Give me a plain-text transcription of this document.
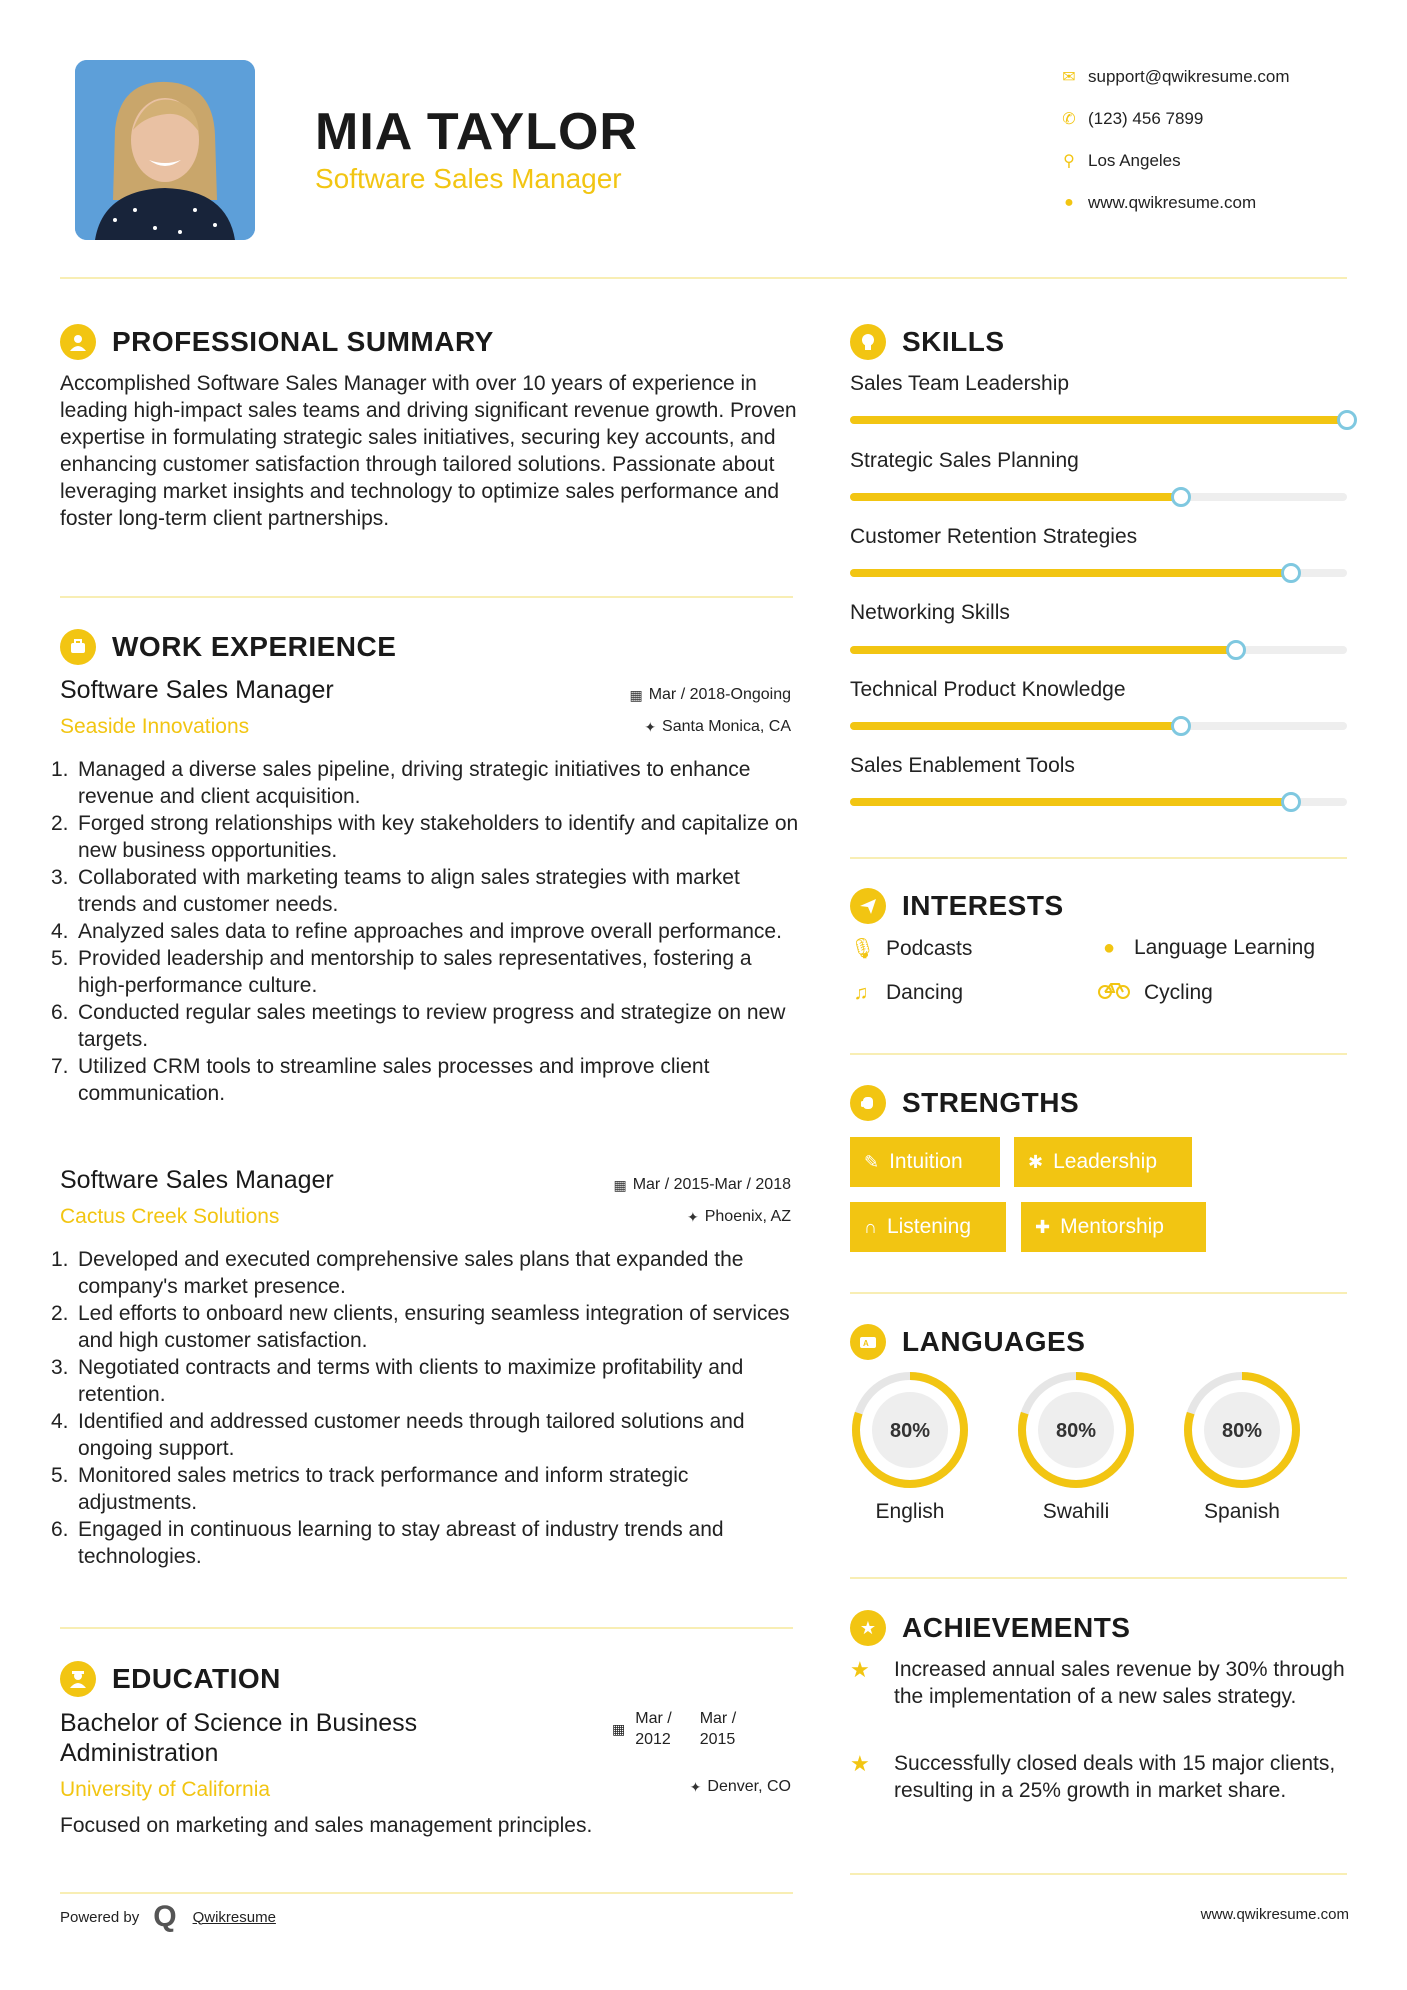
MIA TAYLOR
Software Sales Manager
✉ support@qwikresume.com
✆ (123) 456 7899
⚲ Los Angeles
● www.qwikresume.com
PROFESSIONAL SUMMARY
Accomplished Software Sales Manager with over 10 years of experience in leading high-impact sales teams and driving significant revenue growth. Proven expertise in formulating strategic sales initiatives, securing key accounts, and enhancing customer satisfaction through tailored solutions. Passionate about leveraging market insights and technology to optimize sales performance and foster long-term client partnerships.
WORK EXPERIENCE
Software Sales Manager
Seaside Innovations
▦ Mar / 2018-Ongoing
✦ Santa Monica, CA
1. Managed a diverse sales pipeline, driving strategic initiatives to enhance revenue and client acquisition.
2. Forged strong relationships with key stakeholders to identify and capitalize on new business opportunities.
3. Collaborated with marketing teams to align sales strategies with market trends and customer needs.
4. Analyzed sales data to refine approaches and improve overall performance.
5. Provided leadership and mentorship to sales representatives, fostering a high-performance culture.
6. Conducted regular sales meetings to review progress and strategize on new targets.
7. Utilized CRM tools to streamline sales processes and improve client communication.
Software Sales Manager
Cactus Creek Solutions
▦ Mar / 2015-Mar / 2018
✦ Phoenix, AZ
1. Developed and executed comprehensive sales plans that expanded the company's market presence.
2. Led efforts to onboard new clients, ensuring seamless integration of services and high customer satisfaction.
3. Negotiated contracts and terms with clients to maximize profitability and retention.
4. Identified and addressed customer needs through tailored solutions and ongoing support.
5. Monitored sales metrics to track performance and inform strategic adjustments.
6. Engaged in continuous learning to stay abreast of industry trends and technologies.
EDUCATION
Bachelor of Science in Business
Administration
University of California
▦
Mar /
2012
Mar /
2015
✦ Denver, CO
Focused on marketing and sales management principles.
SKILLS
Sales Team Leadership
Strategic Sales Planning
Customer Retention Strategies
Networking Skills
Technical Product Knowledge
Sales Enablement Tools
INTERESTS
🎙︎ Podcasts	● Language Learning
♫ Dancing	Cycling
STRENGTHS
✎ Intuition	✱ Leadership
∩ Listening	✚ Mentorship
A LANGUAGES
80%
English
80%
Swahili
80%
Spanish
★ ACHIEVEMENTS
★	Increased annual sales revenue by 30% through the implementation of a new sales strategy.
★	Successfully closed deals with 15 major clients, resulting in a 25% growth in market share.
Powered by Q Qwikresume	www.qwikresume.com
